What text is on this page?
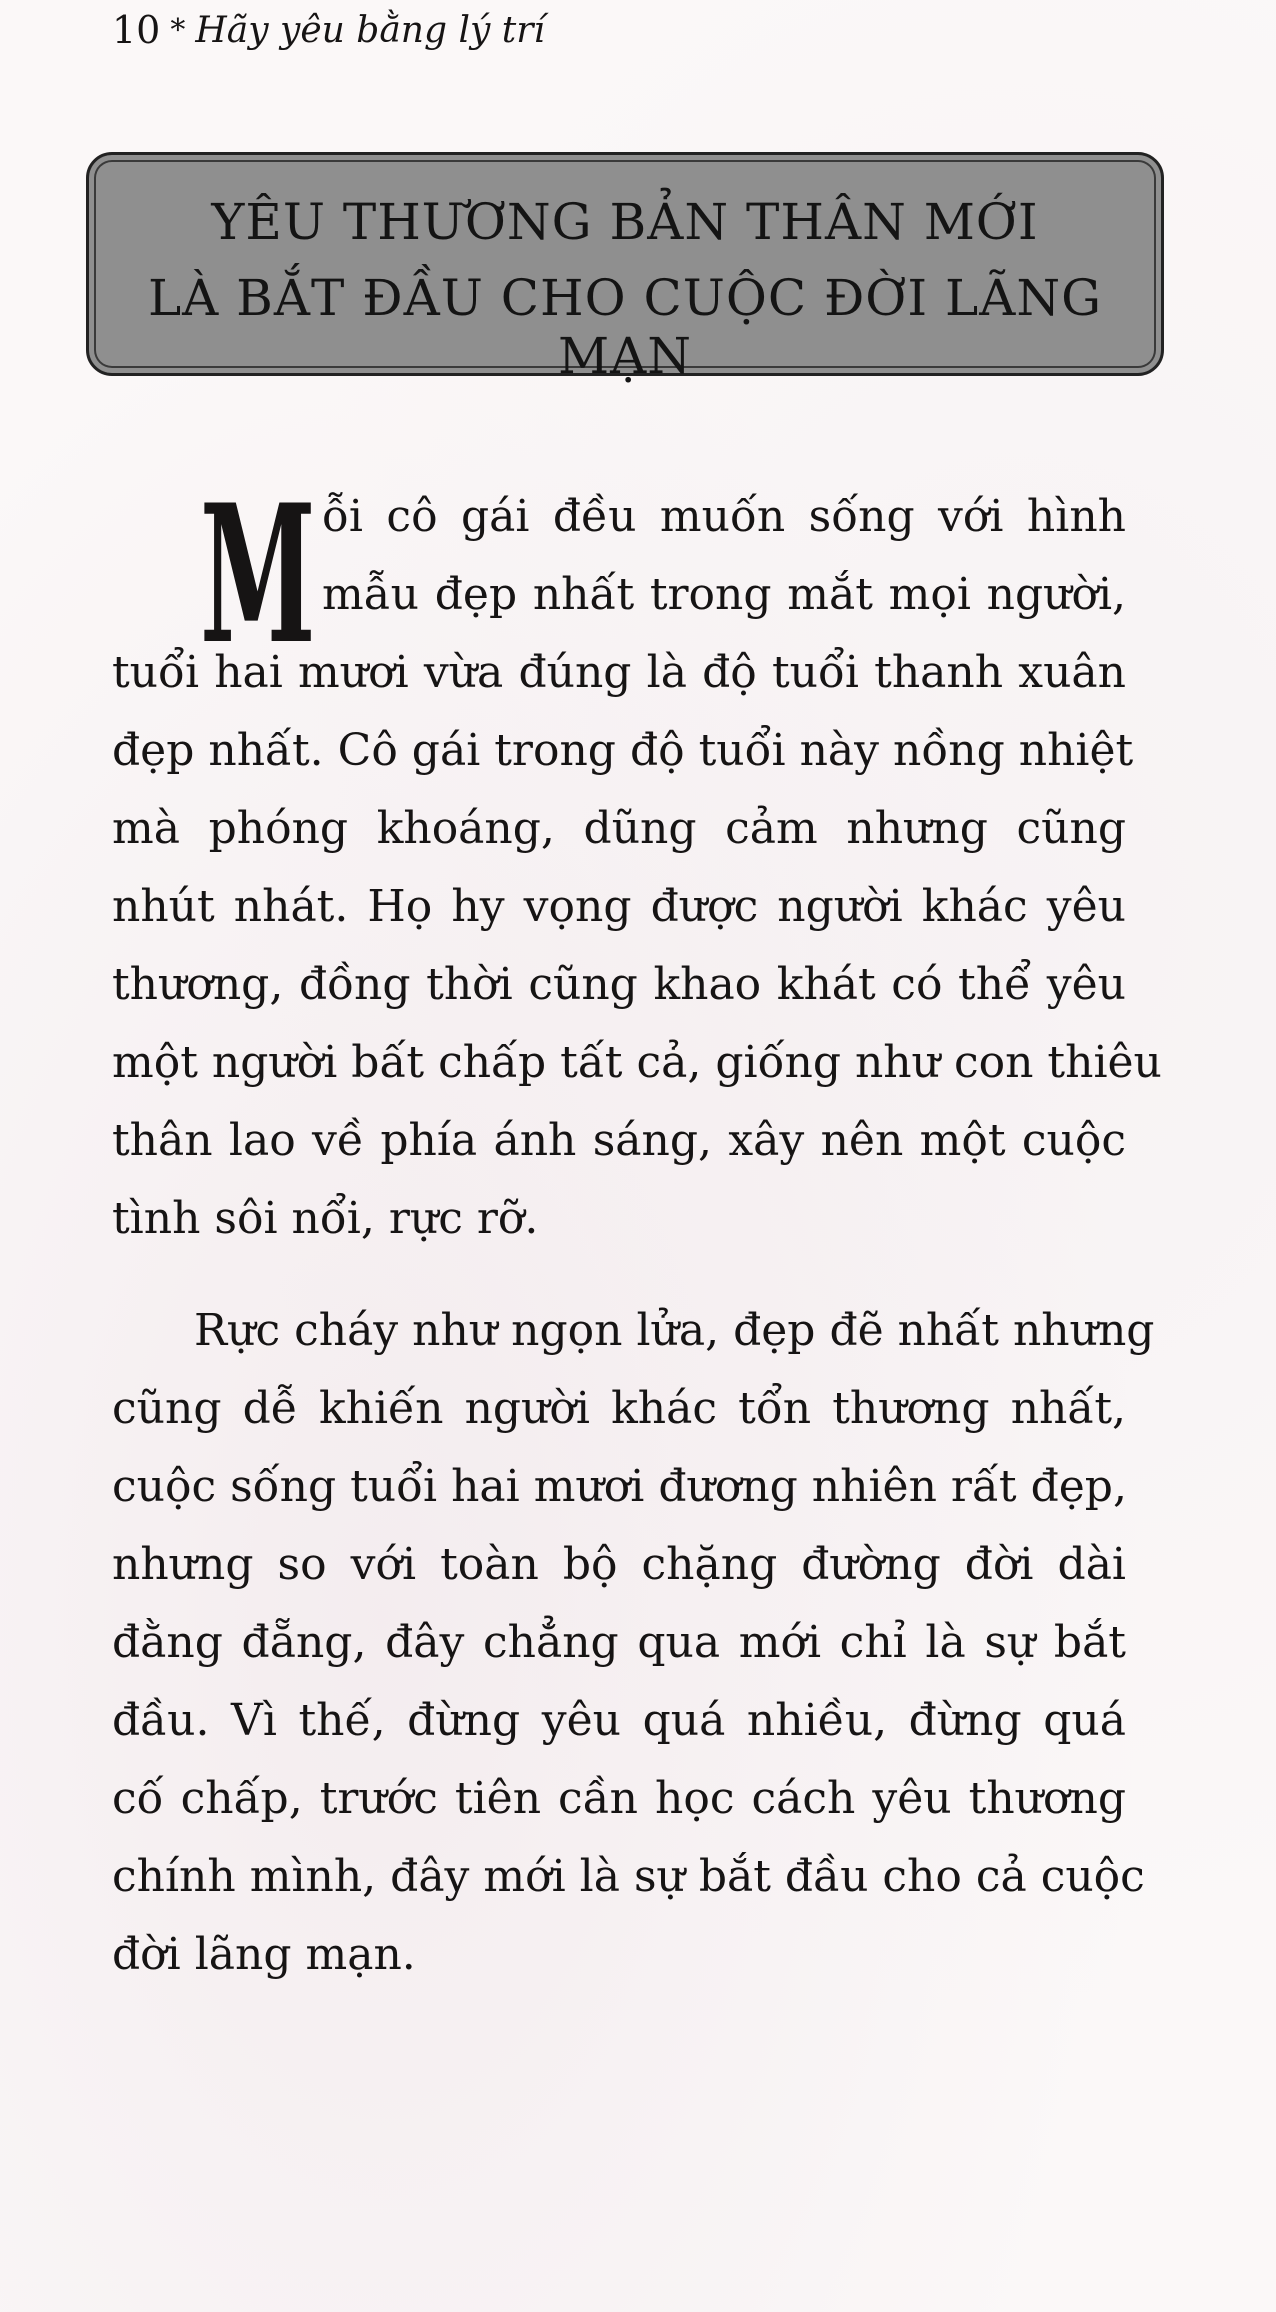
10 * Hãy yêu bằng lý trí
YÊU THƯƠNG BẢN THÂN MỚI
LÀ BẮT ĐẦU CHO CUỘC ĐỜI LÃNG MẠN
M ỗi cô gái đều muốn sống với hình
mẫu đẹp nhất trong mắt mọi người,
tuổi hai mươi vừa đúng là độ tuổi thanh xuân
đẹp nhất. Cô gái trong độ tuổi này nồng nhiệt
mà phóng khoáng, dũng cảm nhưng cũng
nhút nhát. Họ hy vọng được người khác yêu
thương, đồng thời cũng khao khát có thể yêu
một người bất chấp tất cả, giống như con thiêu
thân lao về phía ánh sáng, xây nên một cuộc
tình sôi nổi, rực rỡ.
Rực cháy như ngọn lửa, đẹp đẽ nhất nhưng
cũng dễ khiến người khác tổn thương nhất,
cuộc sống tuổi hai mươi đương nhiên rất đẹp,
nhưng so với toàn bộ chặng đường đời dài
đằng đẵng, đây chẳng qua mới chỉ là sự bắt
đầu. Vì thế, đừng yêu quá nhiều, đừng quá
cố chấp, trước tiên cần học cách yêu thương
chính mình, đây mới là sự bắt đầu cho cả cuộc
đời lãng mạn.
